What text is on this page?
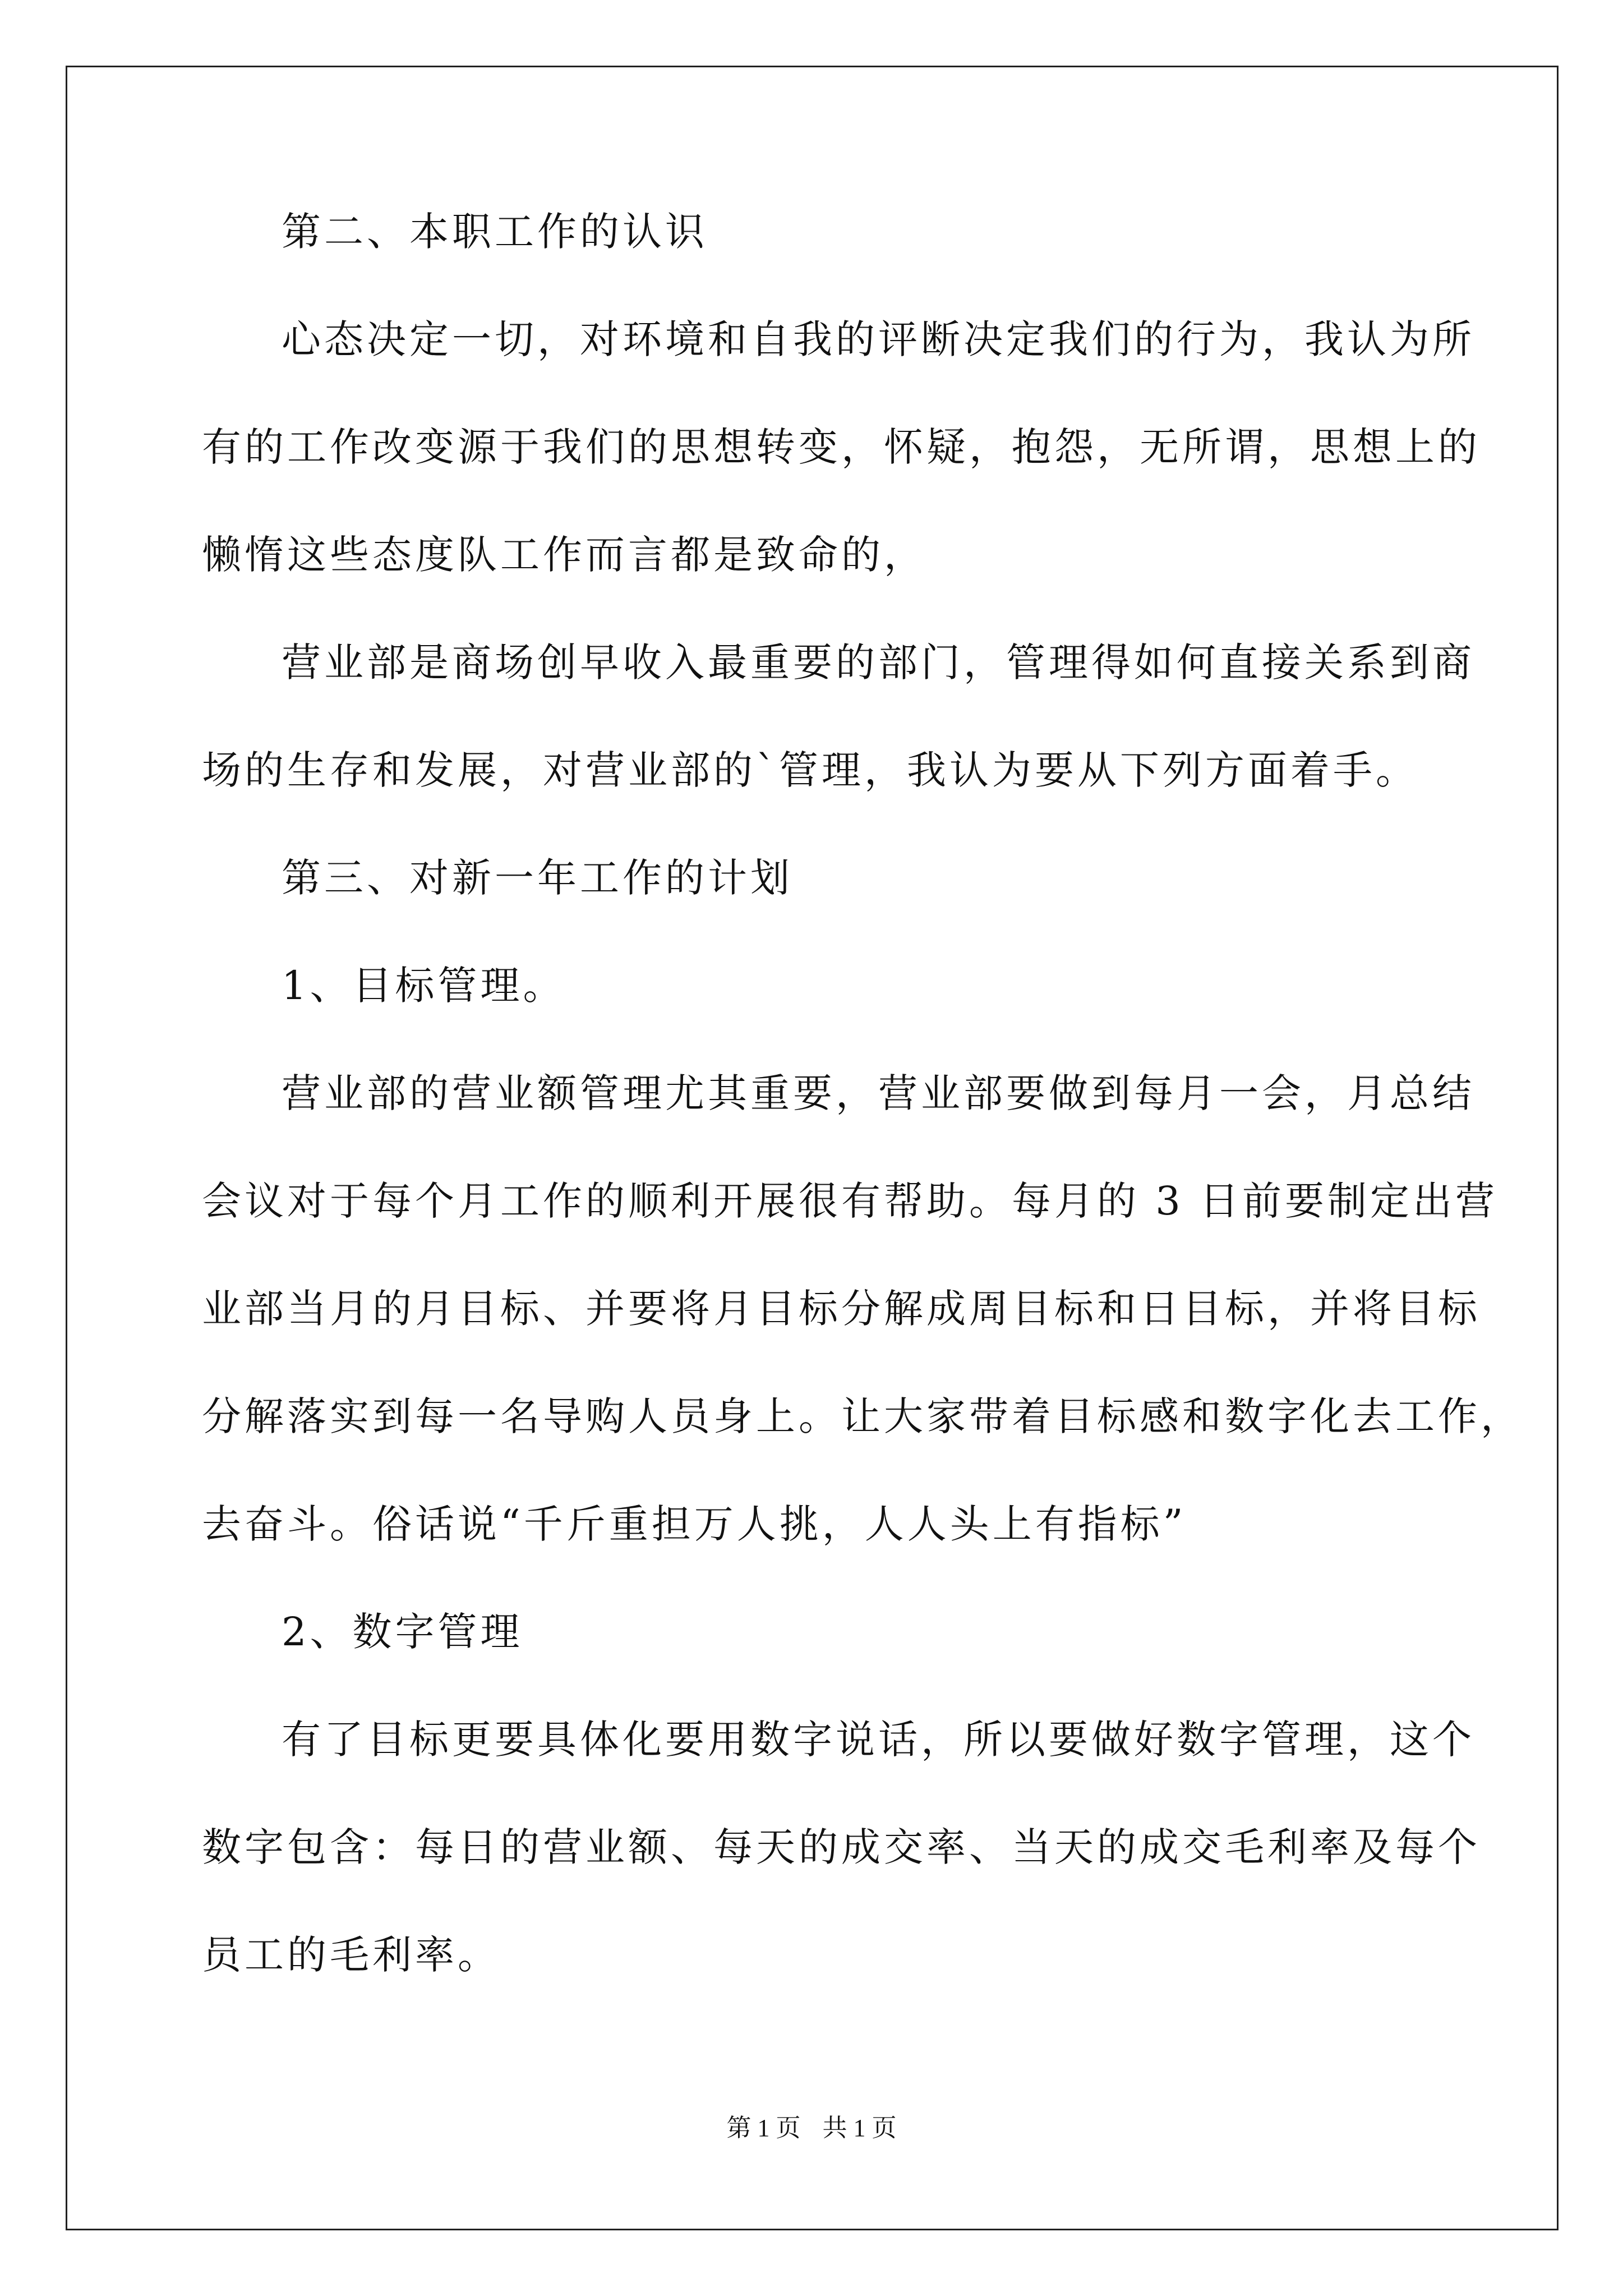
第二、本职工作的认识

心态决定一切，对环境和自我的评断决定我们的行为，我认为所

有的工作改变源于我们的思想转变，怀疑，抱怨，无所谓，思想上的

懒惰这些态度队工作而言都是致命的，

营业部是商场创早收入最重要的部门，管理得如何直接关系到商

场的生存和发展，对营业部的`管理，我认为要从下列方面着手。

第三、对新一年工作的计划

1、目标管理。

营业部的营业额管理尤其重要，营业部要做到每月一会，月总结

会议对于每个月工作的顺利开展很有帮助。每月的 3 日前要制定出营

业部当月的月目标、并要将月目标分解成周目标和日目标，并将目标

分解落实到每一名导购人员身上。让大家带着目标感和数字化去工作，

去奋斗。俗话说“千斤重担万人挑，人人头上有指标”

2、数字管理

有了目标更要具体化要用数字说话，所以要做好数字管理，这个

数字包含：每日的营业额、每天的成交率、当天的成交毛利率及每个

员工的毛利率。

第 1 页 共 1 页
